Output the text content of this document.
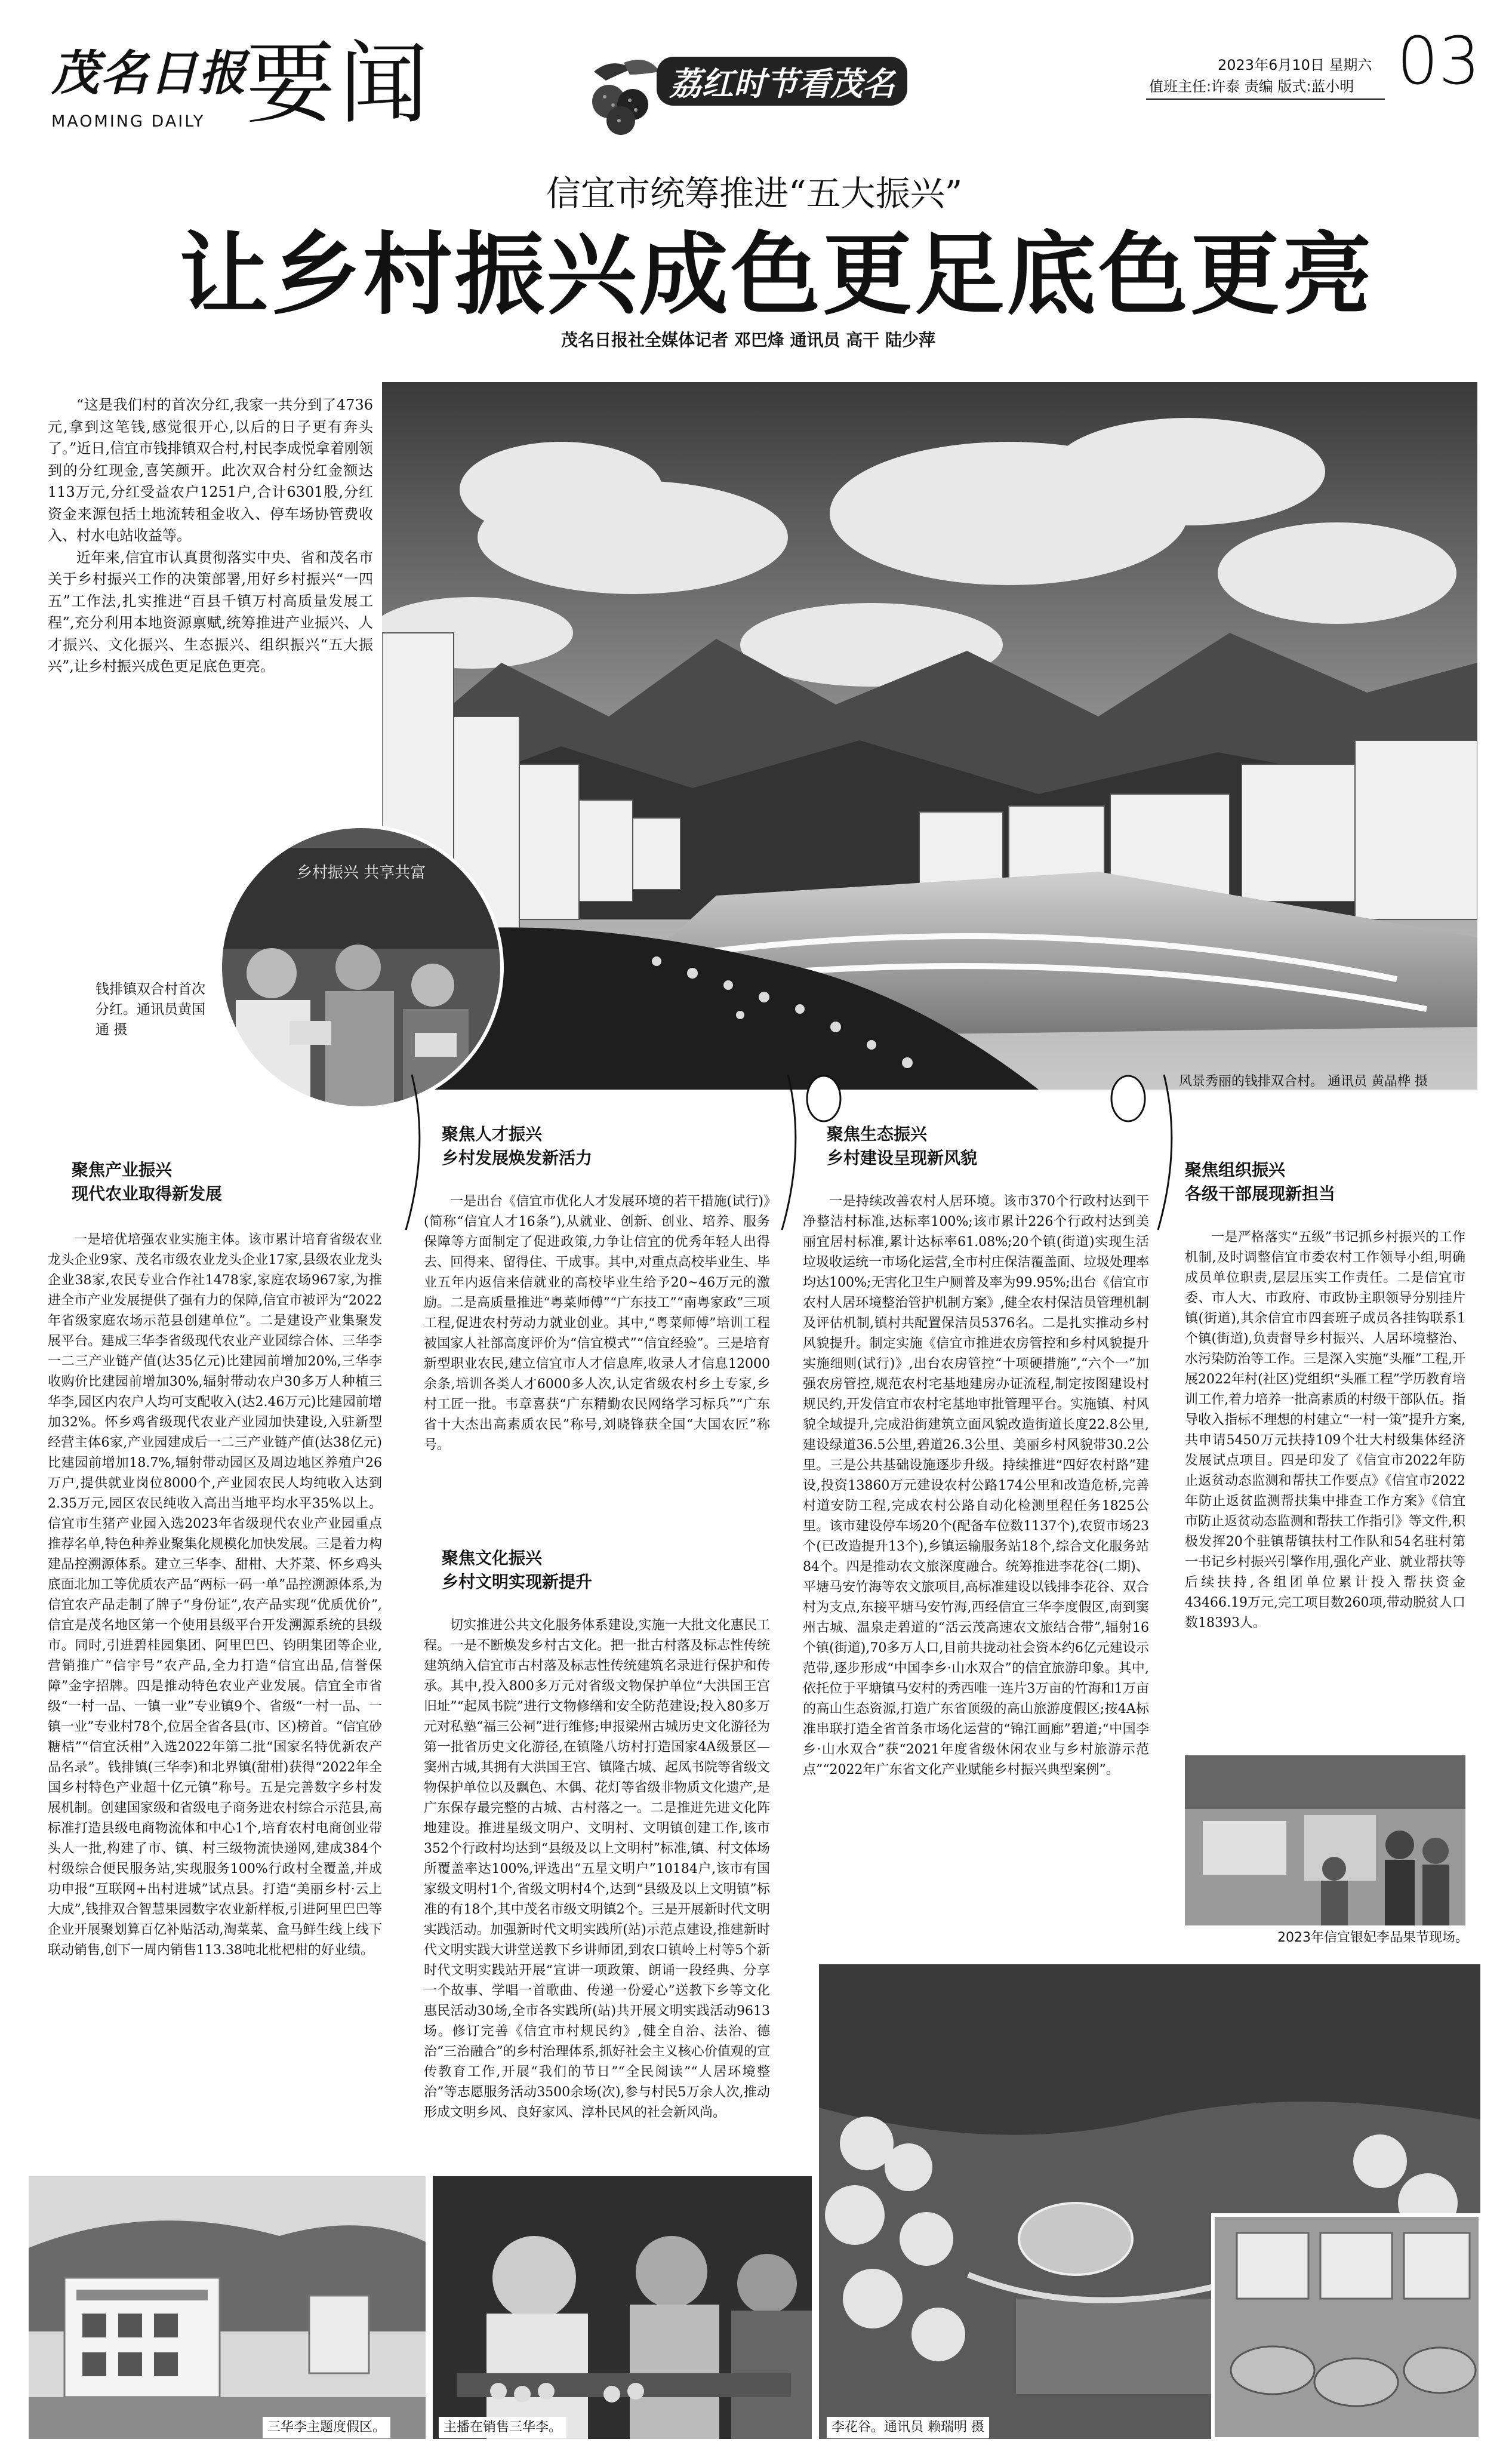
茂名日报
MAOMING DAILY 要闻	荔红时节看茂名	2023年6月10日 星期六
值班主任:许泰 责编 版式:蓝小明 03
信宜市统筹推进“五大振兴”
让乡村振兴成色更足底色更亮
茂名日报社全媒体记者 邓巴烽 通讯员 高干 陆少萍

“这是我们村的首次分红,我家一共分到了4736元,拿到这笔钱,感觉很开心,以后的日子更有奔头了。”近日,信宜市钱排镇双合村,村民李成悦拿着刚领到的分红现金,喜笑颜开。此次双合村分红金额达113万元,分红受益农户1251户,合计6301股,分红资金来源包括土地流转租金收入、停车场协管费收入、村水电站收益等。

近年来,信宜市认真贯彻落实中央、省和茂名市关于乡村振兴工作的决策部署,用好乡村振兴“一四五”工作法,扎实推进“百县千镇万村高质量发展工程”,充分利用本地资源禀赋,统筹推进产业振兴、人才振兴、文化振兴、生态振兴、组织振兴“五大振兴”,让乡村振兴成色更足底色更亮。

风景秀丽的钱排双合村。 通讯员 黄晶桦 摄
乡村振兴 共享共富
钱排镇双合村首次分红。通讯员黄国通 摄
聚焦产业振兴
现代农业取得新发展

一是培优培强农业实施主体。该市累计培育省级农业龙头企业9家、茂名市级农业龙头企业17家,县级农业龙头企业38家,农民专业合作社1478家,家庭农场967家,为推进全市产业发展提供了强有力的保障,信宜市被评为“2022年省级家庭农场示范县创建单位”。二是建设产业集聚发展平台。建成三华李省级现代农业产业园综合体、三华李一二三产业链产值(达35亿元)比建园前增加20%,三华李收购价比建园前增加30%,辐射带动农户30多万人种植三华李,园区内农户人均可支配收入(达2.46万元)比建园前增加32%。怀乡鸡省级现代农业产业园加快建设,入驻新型经营主体6家,产业园建成后一二三产业链产值(达38亿元)比建园前增加18.7%,辐射带动园区及周边地区养殖户26万户,提供就业岗位8000个,产业园农民人均纯收入达到2.35万元,园区农民纯收入高出当地平均水平35%以上。信宜市生猪产业园入选2023年省级现代农业产业园重点推荐名单,特色种养业聚集化规模化加快发展。三是着力构建品控溯源体系。建立三华李、甜柑、大芥菜、怀乡鸡头底面北加工等优质农产品“两标一码一单”品控溯源体系,为信宜农产品走制了牌子“身份证”,农产品实现“优质优价”,信宜是茂名地区第一个使用县级平台开发溯源系统的县级市。同时,引进碧桂园集团、阿里巴巴、钧明集团等企业,营销推广“信宇号”农产品,全力打造“信宜出品,信誉保障”金字招牌。四是推动特色农业产业发展。信宜全市省级“一村一品、一镇一业”专业镇9个、省级“一村一品、一镇一业”专业村78个,位居全省各县(市、区)榜首。“信宜砂糖桔”“信宜沃柑”入选2022年第二批“国家名特优新农产品名录”。钱排镇(三华李)和北界镇(甜柑)获得“2022年全国乡村特色产业超十亿元镇”称号。五是完善数字乡村发展机制。创建国家级和省级电子商务进农村综合示范县,高标准打造县级电商物流体和中心1个,培育农村电商创业带头人一批,构建了市、镇、村三级物流快递网,建成384个村级综合便民服务站,实现服务100%行政村全覆盖,并成功申报“互联网+出村进城”试点县。打造“美丽乡村·云上大成”,钱排双合智慧果园数字农业新样板,引进阿里巴巴等企业开展聚划算百亿补贴活动,淘菜菜、盒马鲜生线上线下联动销售,创下一周内销售113.38吨北枇杷柑的好业绩。

聚焦人才振兴
乡村发展焕发新活力

一是出台《信宜市优化人才发展环境的若干措施(试行)》(简称“信宜人才16条”),从就业、创新、创业、培养、服务保障等方面制定了促进政策,力争让信宜的优秀年轻人出得去、回得来、留得住、干成事。其中,对重点高校毕业生、毕业五年内返信来信就业的高校毕业生给予20~46万元的激励。二是高质量推进“粤菜师傅”“广东技工”“南粤家政”三项工程,促进农村劳动力就业创业。其中,“粤菜师傅”培训工程被国家人社部高度评价为“信宜模式”“信宜经验”。三是培育新型职业农民,建立信宜市人才信息库,收录人才信息12000余条,培训各类人才6000多人次,认定省级农村乡土专家,乡村工匠一批。韦章喜获“广东精勤农民网络学习标兵”“广东省十大杰出高素质农民”称号,刘晓锋获全国“大国农匠”称号。

聚焦文化振兴
乡村文明实现新提升

切实推进公共文化服务体系建设,实施一大批文化惠民工程。一是不断焕发乡村古文化。把一批古村落及标志性传统建筑纳入信宜市古村落及标志性传统建筑名录进行保护和传承。其中,投入800多万元对省级文物保护单位“大洪国王宫旧址”“起凤书院”进行文物修缮和安全防范建设;投入80多万元对私塾“福三公祠”进行维修;申报梁州古城历史文化游径为第一批省历史文化游径,在镇隆八坊村打造国家4A级景区—窦州古城,其拥有大洪国王宫、镇隆古城、起凤书院等省级文物保护单位以及飘色、木偶、花灯等省级非物质文化遗产,是广东保存最完整的古城、古村落之一。二是推进先进文化阵地建设。推进星级文明户、文明村、文明镇创建工作,该市352个行政村均达到“县级及以上文明村”标准,镇、村文体场所覆盖率达100%,评选出“五星文明户”10184户,该市有国家级文明村1个,省级文明村4个,达到“县级及以上文明镇”标准的有18个,其中茂名市级文明镇2个。三是开展新时代文明实践活动。加强新时代文明实践所(站)示范点建设,推建新时代文明实践大讲堂送教下乡讲师团,到农口镇岭上村等5个新时代文明实践站开展“宣讲一项政策、朗诵一段经典、分享一个故事、学唱一首歌曲、传递一份爱心”送教下乡等文化惠民活动30场,全市各实践所(站)共开展文明实践活动9613场。修订完善《信宜市村规民约》,健全自治、法治、德治“三治融合”的乡村治理体系,抓好社会主义核心价值观的宣传教育工作,开展“我们的节日”“全民阅读”“人居环境整治”等志愿服务活动3500余场(次),参与村民5万余人次,推动形成文明乡风、良好家风、淳朴民风的社会新风尚。

聚焦生态振兴
乡村建设呈现新风貌

一是持续改善农村人居环境。该市370个行政村达到干净整洁村标准,达标率100%;该市累计226个行政村达到美丽宜居村标准,累计达标率61.08%;20个镇(街道)实现生活垃圾收运统一市场化运营,全市村庄保洁覆盖面、垃圾处理率均达100%;无害化卫生户厕普及率为99.95%;出台《信宜市农村人居环境整治管护机制方案》,健全农村保洁员管理机制及评估机制,镇村共配置保洁员5376名。二是扎实推动乡村风貌提升。制定实施《信宜市推进农房管控和乡村风貌提升实施细则(试行)》,出台农房管控“十项硬措施”,“六个一”加强农房管控,规范农村宅基地建房办证流程,制定按图建设村规民约,开发信宜市农村宅基地审批管理平台。实施镇、村风貌全域提升,完成沿街建筑立面风貌改造街道长度22.8公里,建设绿道36.5公里,碧道26.3公里、美丽乡村风貌带30.2公里。三是公共基础设施逐步升级。持续推进“四好农村路”建设,投资13860万元建设农村公路174公里和改造危桥,完善村道安防工程,完成农村公路自动化检测里程任务1825公里。该市建设停车场20个(配备车位数1137个),农贸市场23个(已改造提升13个),乡镇运输服务站18个,综合文化服务站84个。四是推动农文旅深度融合。统筹推进李花谷(二期)、平塘马安竹海等农文旅项目,高标准建设以钱排李花谷、双合村为支点,东接平塘马安竹海,西经信宜三华李度假区,南到窦州古城、温泉走碧道的“活云茂高速农文旅结合带”,辐射16个镇(街道),70多万人口,目前共拢动社会资本约6亿元建设示范带,逐步形成“中国李乡·山水双合”的信宜旅游印象。其中,依托位于平塘镇马安村的秀西唯一连片3万亩的竹海和1万亩的高山生态资源,打造广东省顶级的高山旅游度假区;按4A标准串联打造全省首条市场化运营的“锦江画廊”碧道;“中国李乡·山水双合”获“2021年度省级休闲农业与乡村旅游示范点”“2022年广东省文化产业赋能乡村振兴典型案例”。

聚焦组织振兴
各级干部展现新担当

一是严格落实“五级”书记抓乡村振兴的工作机制,及时调整信宜市委农村工作领导小组,明确成员单位职责,层层压实工作责任。二是信宜市委、市人大、市政府、市政协主职领导分别挂片镇(街道),其余信宜市四套班子成员各挂钩联系1个镇(街道),负责督导乡村振兴、人居环境整治、水污染防治等工作。三是深入实施“头雁”工程,开展2022年村(社区)党组织“头雁工程”学历教育培训工作,着力培养一批高素质的村级干部队伍。指导收入指标不理想的村建立“一村一策”提升方案,共申请5450万元扶持109个壮大村级集体经济发展试点项目。四是印发了《信宜市2022年防止返贫动态监测和帮扶工作要点》《信宜市2022年防止返贫监测帮扶集中排查工作方案》《信宜市防止返贫动态监测和帮扶工作指引》等文件,积极发挥20个驻镇帮镇扶村工作队和54名驻村第一书记乡村振兴引擎作用,强化产业、就业帮扶等后续扶持,各组团单位累计投入帮扶资金43466.19万元,完工项目数260项,带动脱贫人口数18393人。

2023年信宜银妃李品果节现场。
三华李主题度假区。	主播在销售三华李。	李花谷。通讯员 赖瑞明 摄
